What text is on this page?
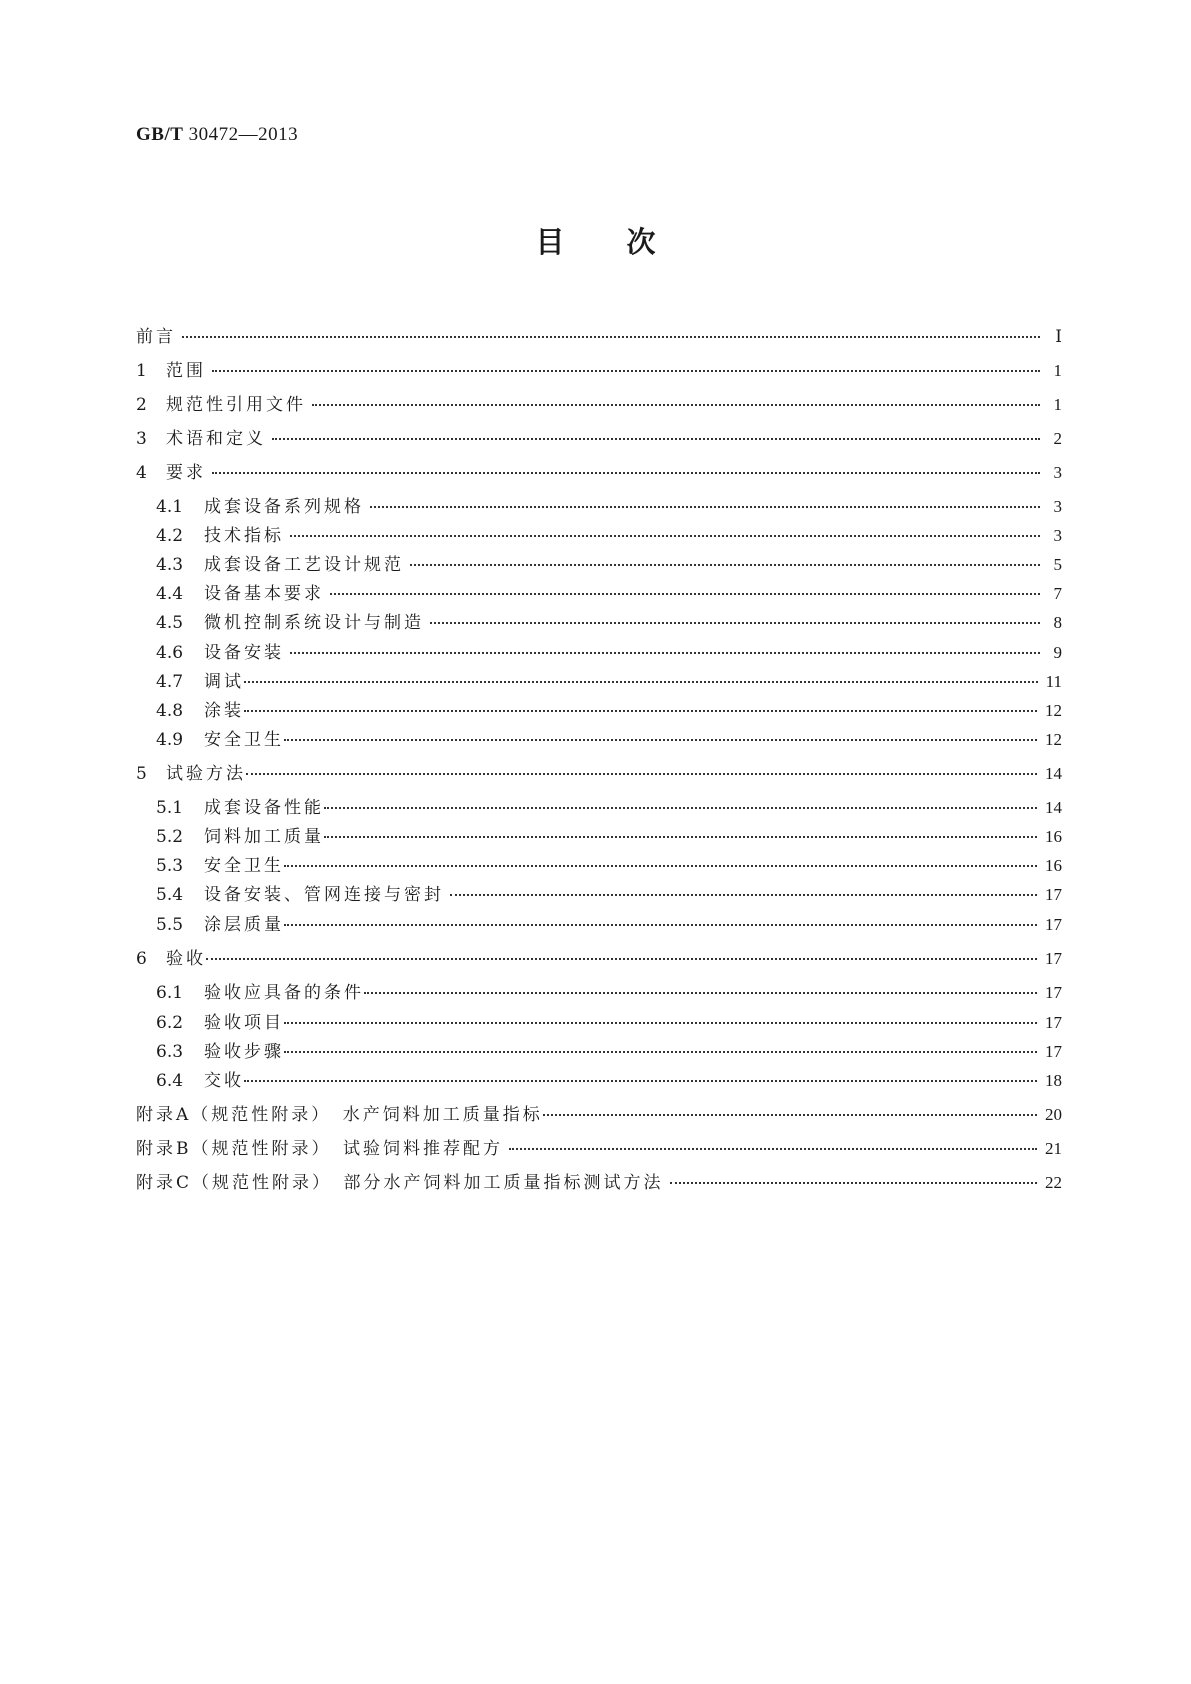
GB/T 30472—2013
目次
前言	Ⅰ
1	范围	1
2	规范性引用文件	1
3	术语和定义	2
4	要求	3
4.1	成套设备系列规格	3
4.2	技术指标	3
4.3	成套设备工艺设计规范	5
4.4	设备基本要求	7
4.5	微机控制系统设计与制造	8
4.6	设备安装	9
4.7	调试	11
4.8	涂装	12
4.9	安全卫生	12
5	试验方法	14
5.1	成套设备性能	14
5.2	饲料加工质量	16
5.3	安全卫生	16
5.4	设备安装、管网连接与密封	17
5.5	涂层质量	17
6	验收	17
6.1	验收应具备的条件	17
6.2	验收项目	17
6.3	验收步骤	17
6.4	交收	18
附录A（规范性附录）　水产饲料加工质量指标	20
附录B（规范性附录）　试验饲料推荐配方	21
附录C（规范性附录）　部分水产饲料加工质量指标测试方法	22
